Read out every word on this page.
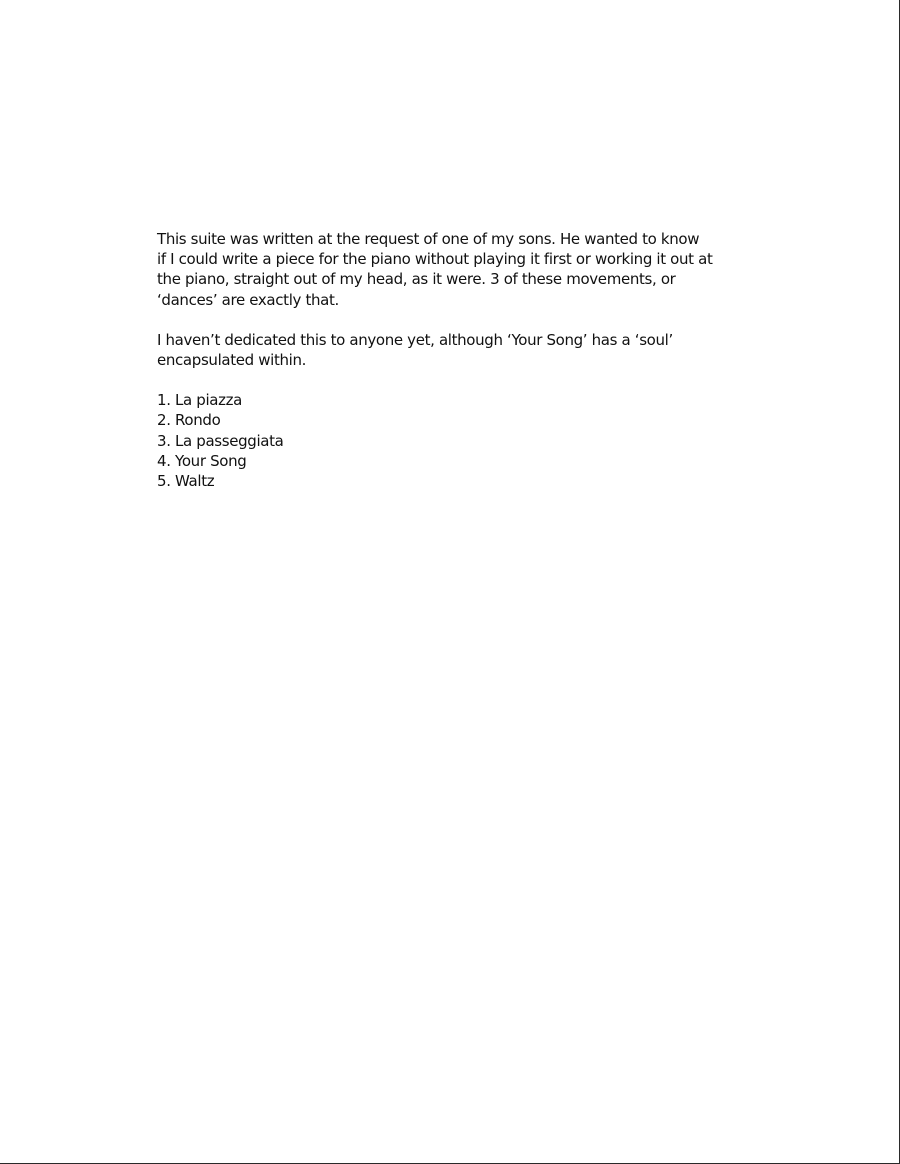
This suite was written at the request of one of my sons. He wanted to know
if I could write a piece for the piano without playing it first or working it out at
the piano, straight out of my head, as it were. 3 of these movements, or
‘dances’ are exactly that.

I haven’t dedicated this to anyone yet, although ‘Your Song’ has a ‘soul’
encapsulated within.

1. La piazza
2. Rondo
3. La passeggiata
4. Your Song
5. Waltz
